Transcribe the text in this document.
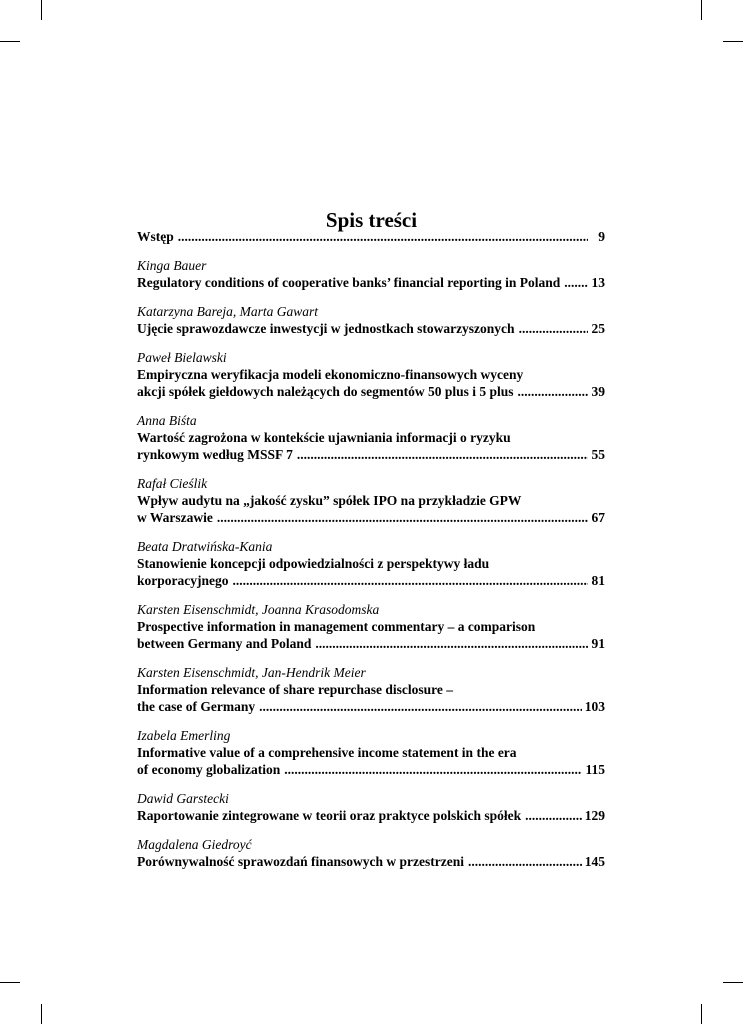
Spis treści
Wstęp .....	9
Kinga Bauer
Regulatory conditions of cooperative banks’ financial reporting in Poland ..... 13
Katarzyna Bareja, Marta Gawart
Ujęcie sprawozdawcze inwestycji w jednostkach stowarzyszonych .....	25
Paweł Bielawski
Empiryczna weryfikacja modeli ekonomiczno-finansowych wyceny
akcji spółek giełdowych należących do segmentów 50 plus i 5 plus .....	39
Anna Biśta
Wartość zagrożona w kontekście ujawniania informacji o ryzyku
rynkowym według MSSF 7 .....	55
Rafał Cieślik
Wpływ audytu na „jakość zysku” spółek IPO na przykładzie GPW
w Warszawie .....	67
Beata Dratwińska-Kania
Stanowienie koncepcji odpowiedzialności z perspektywy ładu
korporacyjnego .....	81
Karsten Eisenschmidt, Joanna Krasodomska
Prospective information in management commentary – a comparison
between Germany and Poland .....	91
Karsten Eisenschmidt, Jan-Hendrik Meier
Information relevance of share repurchase disclosure –
the case of Germany .....	103
Izabela Emerling
Informative value of a comprehensive income statement in the era
of economy globalization .....	115
Dawid Garstecki
Raportowanie zintegrowane w teorii oraz praktyce polskich spółek .....	129
Magdalena Giedroyć
Porównywalność sprawozdań finansowych w przestrzeni .....	145
